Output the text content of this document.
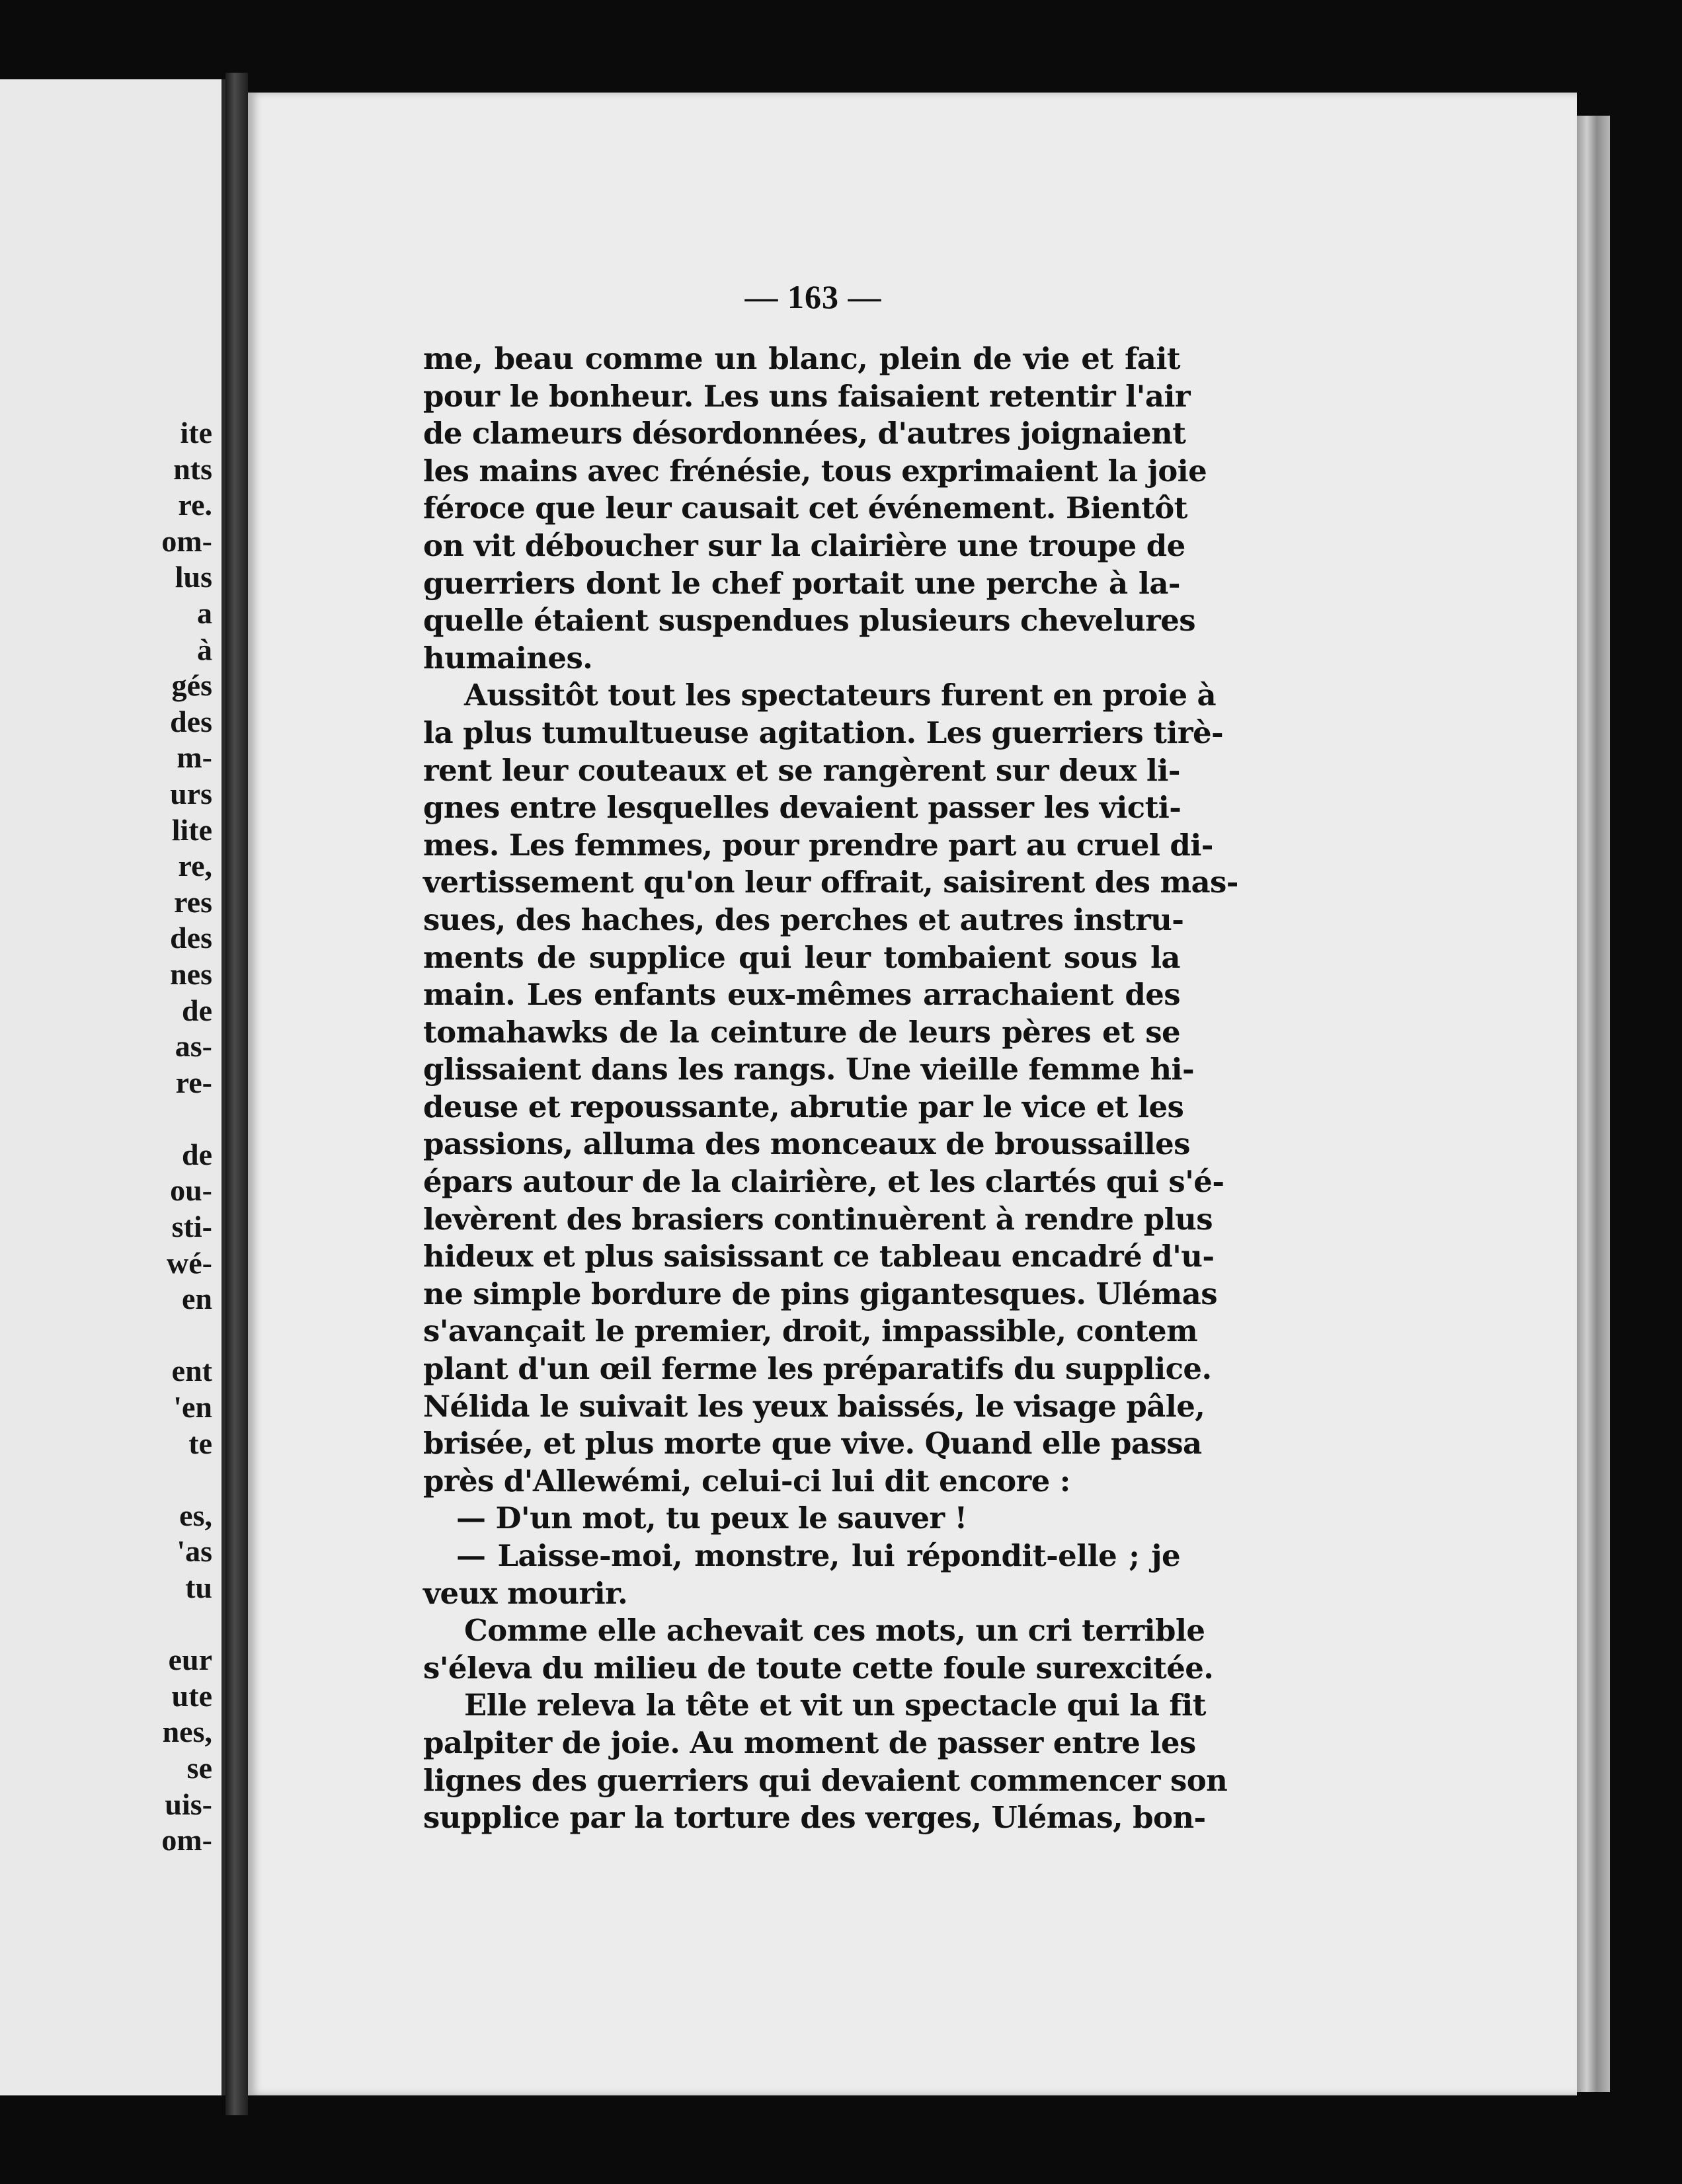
ite
nts
re.
om-
lus
a
à
gés
des
m-
urs
lite
re,
res
des
nes
de
as-
re-
de
ou-
sti-
wé-
en
ent
'en
te
es,
'as
tu
eur
ute
nes,
se
uis-
om-
— 163 —
me, beau comme un blanc, plein de vie et fait
pour le bonheur. Les uns faisaient retentir l'air
de clameurs désordonnées, d'autres joignaient
les mains avec frénésie, tous exprimaient la joie
féroce que leur causait cet événement. Bientôt
on vit déboucher sur la clairière une troupe de
guerriers dont le chef portait une perche à la-
quelle étaient suspendues plusieurs chevelures
humaines.
Aussitôt tout les spectateurs furent en proie à
la plus tumultueuse agitation. Les guerriers tirè-
rent leur couteaux et se rangèrent sur deux li-
gnes entre lesquelles devaient passer les victi-
mes. Les femmes, pour prendre part au cruel di-
vertissement qu'on leur offrait, saisirent des mas-
sues, des haches, des perches et autres instru-
ments de supplice qui leur tombaient sous la
main. Les enfants eux-mêmes arrachaient des
tomahawks de la ceinture de leurs pères et se
glissaient dans les rangs. Une vieille femme hi-
deuse et repoussante, abrutie par le vice et les
passions, alluma des monceaux de broussailles
épars autour de la clairière, et les clartés qui s'é-
levèrent des brasiers continuèrent à rendre plus
hideux et plus saisissant ce tableau encadré d'u-
ne simple bordure de pins gigantesques. Ulémas
s'avançait le premier, droit, impassible, contem
plant d'un œil ferme les préparatifs du supplice.
Nélida le suivait les yeux baissés, le visage pâle,
brisée, et plus morte que vive. Quand elle passa
près d'Allewémi, celui-ci lui dit encore :
— D'un mot, tu peux le sauver !
— Laisse-moi, monstre, lui répondit-elle ; je
veux mourir.
Comme elle achevait ces mots, un cri terrible
s'éleva du milieu de toute cette foule surexcitée.
Elle releva la tête et vit un spectacle qui la fit
palpiter de joie. Au moment de passer entre les
lignes des guerriers qui devaient commencer son
supplice par la torture des verges, Ulémas, bon-
